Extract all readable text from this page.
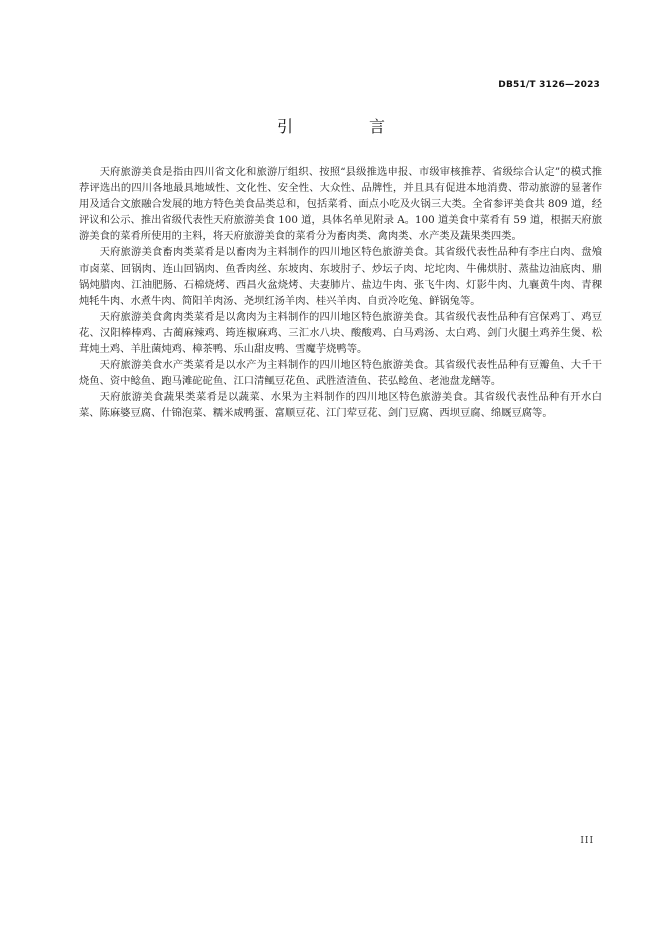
DB51/T 3126—2023
引　言

天府旅游美食是指由四川省文化和旅游厅组织、按照“县级推选申报、市级审核推荐、省级综合认定”的模式推荐评选出的四川各地最具地域性、文化性、安全性、大众性、品牌性，并且具有促进本地消费、带动旅游的显著作用及适合文旅融合发展的地方特色美食品类总和，包括菜肴、面点小吃及火锅三大类。全省参评美食共 809 道，经评议和公示、推出省级代表性天府旅游美食 100 道，具体名单见附录 A。100 道美食中菜肴有 59 道，根据天府旅游美食的菜肴所使用的主料，将天府旅游美食的菜肴分为畜肉类、禽肉类、水产类及蔬果类四类。

天府旅游美食畜肉类菜肴是以畜肉为主料制作的四川地区特色旅游美食。其省级代表性品种有李庄白肉、盘飧市卤菜、回锅肉、连山回锅肉、鱼香肉丝、东坡肉、东坡肘子、炒坛子肉、坨坨肉、牛佛烘肘、蒸盐边油底肉、鼎锅炖腊肉、江油肥肠、石棉烧烤、西昌火盆烧烤、夫妻肺片、盐边牛肉、张飞牛肉、灯影牛肉、九襄黄牛肉、青稞炖牦牛肉、水煮牛肉、简阳羊肉汤、尧坝红汤羊肉、桂兴羊肉、自贡冷吃兔、鲜锅兔等。

天府旅游美食禽肉类菜肴是以禽肉为主料制作的四川地区特色旅游美食。其省级代表性品种有宫保鸡丁、鸡豆花、汉阳棒棒鸡、古蔺麻辣鸡、筠连椒麻鸡、三汇水八块、酸酸鸡、白马鸡汤、太白鸡、剑门火腿土鸡养生煲、松茸炖土鸡、羊肚菌炖鸡、樟茶鸭、乐山甜皮鸭、雪魔芋烧鸭等。

天府旅游美食水产类菜肴是以水产为主料制作的四川地区特色旅游美食。其省级代表性品种有豆瓣鱼、大千干烧鱼、资中鲶鱼、跑马滩砣砣鱼、江口清鲺豆花鱼、武胜渣渣鱼、苌弘鲶鱼、老池盘龙鳝等。

天府旅游美食蔬果类菜肴是以蔬菜、水果为主料制作的四川地区特色旅游美食。其省级代表性品种有开水白菜、陈麻婆豆腐、什锦泡菜、糯米咸鸭蛋、富顺豆花、江门荤豆花、剑门豆腐、西坝豆腐、绵厩豆腐等。

III
